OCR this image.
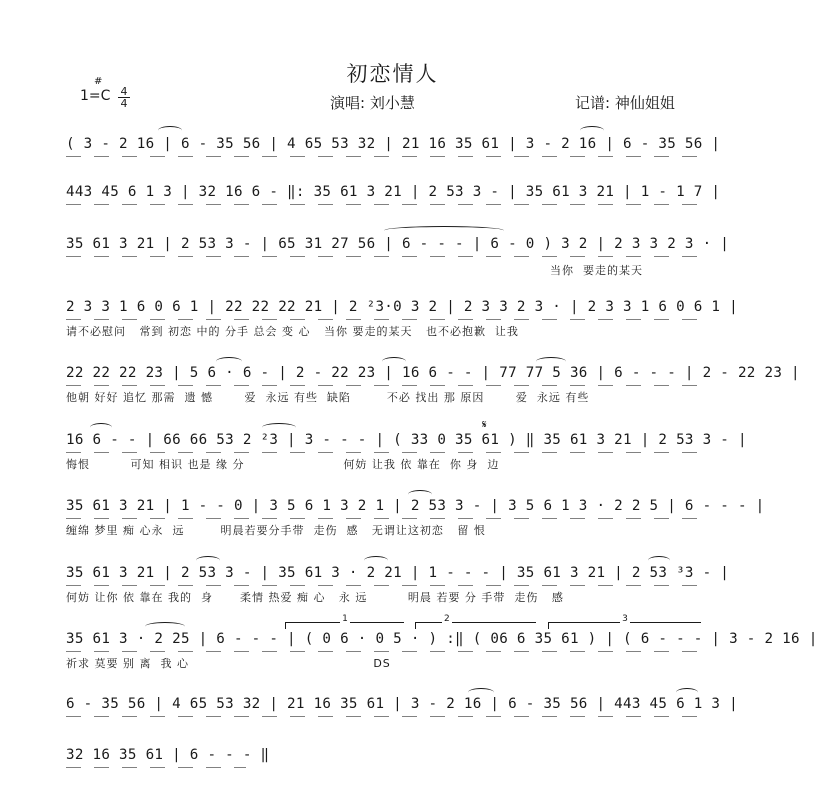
初恋情人
1=C
#
4
4	演唱: 刘小慧	记谱: 神仙姐姐
( 3 - 2 16 | 6 - 35 56 | 4 65 53 32 | 21 16 35 61 | 3 - 2 16 | 6 - 35 56 |
443 45 6 1 3 | 32 16 6 - ‖: 35 61 3 21 | 2 53 3 - | 35 61 3 21 | 1 - 1 7 |
35 61 3 21 | 2 53 3 - | 65 31 27 56 | 6 - - - | 6 - 0 ) 3 2 | 2 3 3 2 3 · |
当你  要走的某天
2 3 3 1 6 0 6 1 | 22 22 22 21 | 2 ²3·0 3 2 | 2 3 3 2 3 · | 2 3 3 1 6 0 6 1 |
请不必慰问   常到 初恋 中的 分手 总会 变 心   当你 要走的某天   也不必抱歉  让我
22 22 22 23 | 5 6 · 6 - | 2 - 22 23 | 16 6 - - | 77 77 5 36 | 6 - - - | 2 - 22 23 |
他朝 好好 追忆 那需  遗 憾       爱  永远 有些  缺陷        不必 找出 那 原因       爱  永远 有些
𝄋
16 6 - - | 66 66 53 2 ²3 | 3 - - - | ( 33 0 35 61 ) ‖ 35 61 3 21 | 2 53 3 - |
悔恨         可知 相识 也是 缘 分                      何妨 让我 依 靠在  你 身  边
35 61 3 21 | 1 - - 0 | 3 5 6 1 3 2 1 | 2 53 3 - | 3 5 6 1 3 · 2 2 5 | 6 - - - |
缠绵 梦里 痴 心永  远        明晨若要分手带  走伤  感   无谓让这初恋   留 恨
35 61 3 21 | 2 53 3 - | 35 61 3 · 2 21 | 1 - - - | 35 61 3 21 | 2 53 ³3 - |
何妨 让你 依 靠在 我的  身      柔情 热爱 痴 心   永 远         明晨 若要 分 手带  走伤   感
1	2	3
35 61 3 · 2 25 | 6 - - - | ( 0 6 · 0 5 · ) :‖ ( 06 6 35 61 ) | ( 6 - - - | 3 - 2 16 |
祈求 莫要 别 离  我 心                                         DS
6 - 35 56 | 4 65 53 32 | 21 16 35 61 | 3 - 2 16 | 6 - 35 56 | 443 45 6 1 3 |
32 16 35 61 | 6 - - - ‖
